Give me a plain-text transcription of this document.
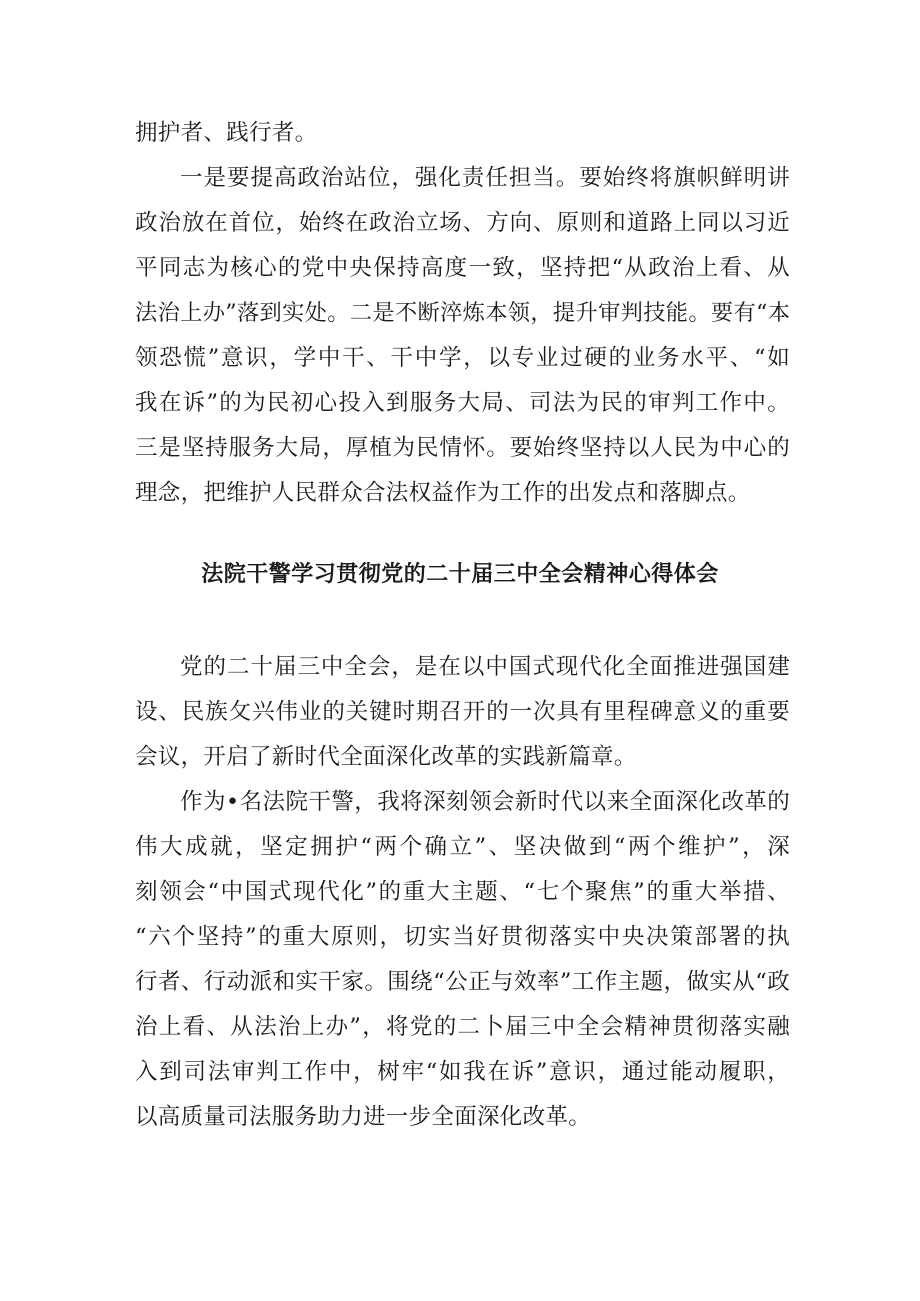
拥护者、践行者。
一是要提高政治站位，强化责任担当。要始终将旗帜鲜明讲
政治放在首位，始终在政治立场、方向、原则和道路上同以习近
平同志为核心的党中央保持高度一致，坚持把“从政治上看、从
法治上办”落到实处。二是不断淬炼本领，提升审判技能。要有“本
领恐慌”意识，学中干、干中学，以专业过硬的业务水平、“如
我在诉”的为民初心投入到服务大局、司法为民的审判工作中。
三是坚持服务大局，厚植为民情怀。要始终坚持以人民为中心的
理念，把维护人民群众合法权益作为工作的出发点和落脚点。
法院干警学习贯彻党的二十届三中全会精神心得体会
党的二十届三中全会，是在以中国式现代化全面推进强国建
设、民族攵兴伟业的关键时期召开的一次具有里程碑意义的重要
会议，开启了新时代全面深化改革的实践新篇章。
作为•名法院干警，我将深刻领会新时代以来全面深化改革的
伟大成就，坚定拥护“两个确立”、坚决做到“两个维护”，深
刻领会“中国式现代化”的重大主题、“七个聚焦”的重大举措、
“六个坚持”的重大原则，切实当好贯彻落实中央决策部署的执
行者、行动派和实干家。围绕“公正与效率”工作主题，做实从“政
治上看、从法治上办”，将党的二卜届三中全会精神贯彻落实融
入到司法审判工作中，树牢“如我在诉”意识，通过能动履职，
以高质量司法服务助力进一步全面深化改革。
